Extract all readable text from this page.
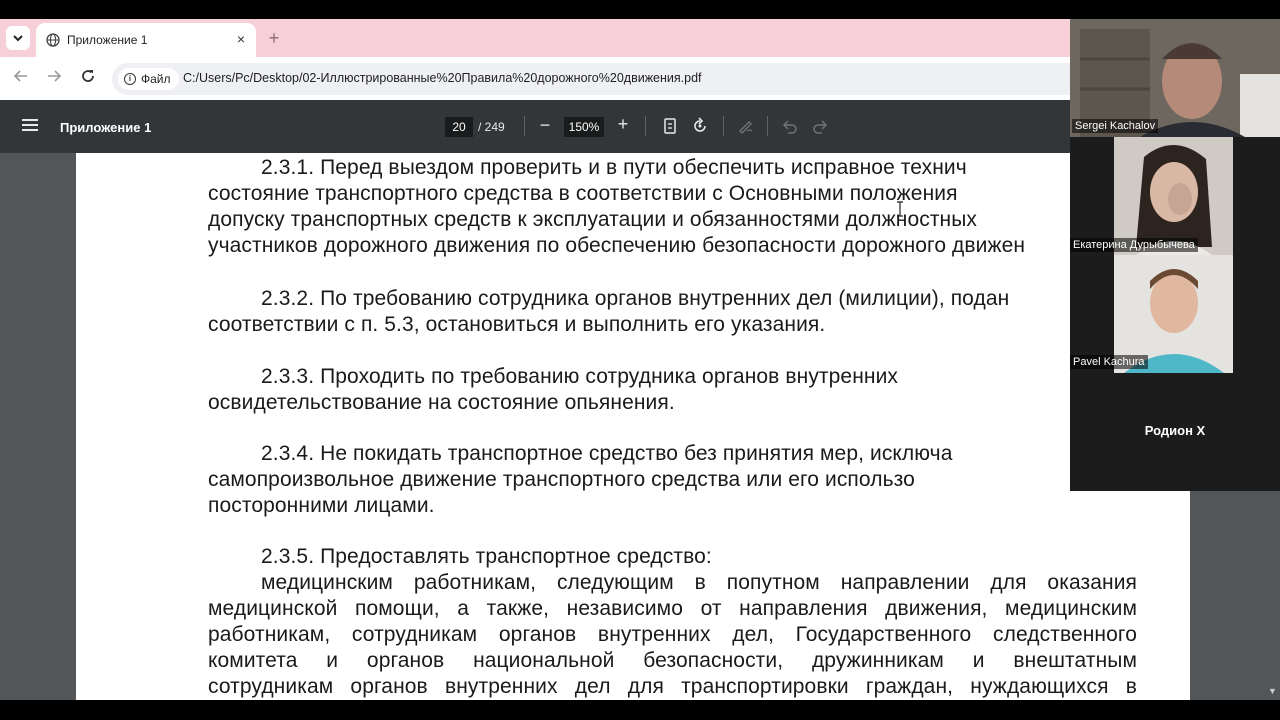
Приложение 1	× +
i Файл C:/Users/Pc/Desktop/02-Иллюстрированные%20Правила%20дорожного%20движения.pdf
Приложение 1	20	/ 249 −	150% +
2.3.1. Перед выездом проверить и в пути обеспечить исправное технич
состояние транспортного средства в соответствии с Основными положения
допуску транспортных средств к эксплуатации и обязанностями должностных
участников дорожного движения по обеспечению безопасности дорожного движен
2.3.2. По требованию сотрудника органов внутренних дел (милиции), подан
соответствии с п. 5.3, остановиться и выполнить его указания.
2.3.3. Проходить по требованию сотрудника органов внутренних
освидетельствование на состояние опьянения.
2.3.4. Не покидать транспортное средство без принятия мер, исключа
самопроизвольное движение транспортного средства или его использо
посторонними лицами.
2.3.5. Предоставлять транспортное средство:
медицинским работникам, следующим в попутном направлении для оказания
медицинской помощи, а также, независимо от направления движения, медицинским
работникам, сотрудникам органов внутренних дел, Государственного следственного
комитета и органов национальной безопасности, дружинникам и внештатным
сотрудникам органов внутренних дел для транспортировки граждан, нуждающихся в	▼
Sergei Kachalov
Екатерина Дурыбычева
Pavel Kachura
Родион Х
